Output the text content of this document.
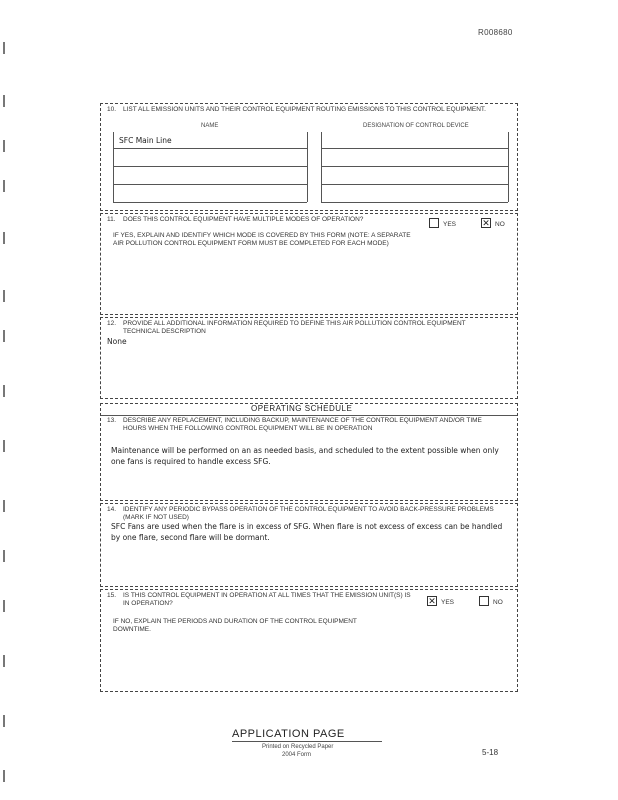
R008680
10.	LIST ALL EMISSION UNITS AND THEIR CONTROL EQUIPMENT ROUTING EMISSIONS TO THIS CONTROL EQUIPMENT.
NAME	DESIGNATION OF CONTROL DEVICE
SFC Main Line
11. DOES THIS CONTROL EQUIPMENT HAVE MULTIPLE MODES OF OPERATION?
YES	✕ NO
IF YES, EXPLAIN AND IDENTIFY WHICH MODE IS COVERED BY THIS FORM (NOTE: A SEPARATE AIR POLLUTION CONTROL EQUIPMENT FORM MUST BE COMPLETED FOR EACH MODE)
12. PROVIDE ALL ADDITIONAL INFORMATION REQUIRED TO DEFINE THIS AIR POLLUTION CONTROL EQUIPMENT TECHNICAL DESCRIPTION
None
OPERATING SCHEDULE
13. DESCRIBE ANY REPLACEMENT, INCLUDING BACKUP, MAINTENANCE OF THE CONTROL EQUIPMENT AND/OR TIME HOURS WHEN THE FOLLOWING CONTROL EQUIPMENT WILL BE IN OPERATION
Maintenance will be performed on an as needed basis, and scheduled to the extent possible when only one fans is required to handle excess SFG.
14. IDENTIFY ANY PERIODIC BYPASS OPERATION OF THE CONTROL EQUIPMENT TO AVOID BACK-PRESSURE PROBLEMS (MARK IF NOT USED)
SFC Fans are used when the flare is in excess of SFG. When flare is not excess of excess can be handled by one flare, second flare will be dormant.
15. IS THIS CONTROL EQUIPMENT IN OPERATION AT ALL TIMES THAT THE EMISSION UNIT(S) IS IN OPERATION?	✕ YES	NO
IF NO, EXPLAIN THE PERIODS AND DURATION OF THE CONTROL EQUIPMENT DOWNTIME.
APPLICATION PAGE
Printed on Recycled Paper
2004 Form	5-18
